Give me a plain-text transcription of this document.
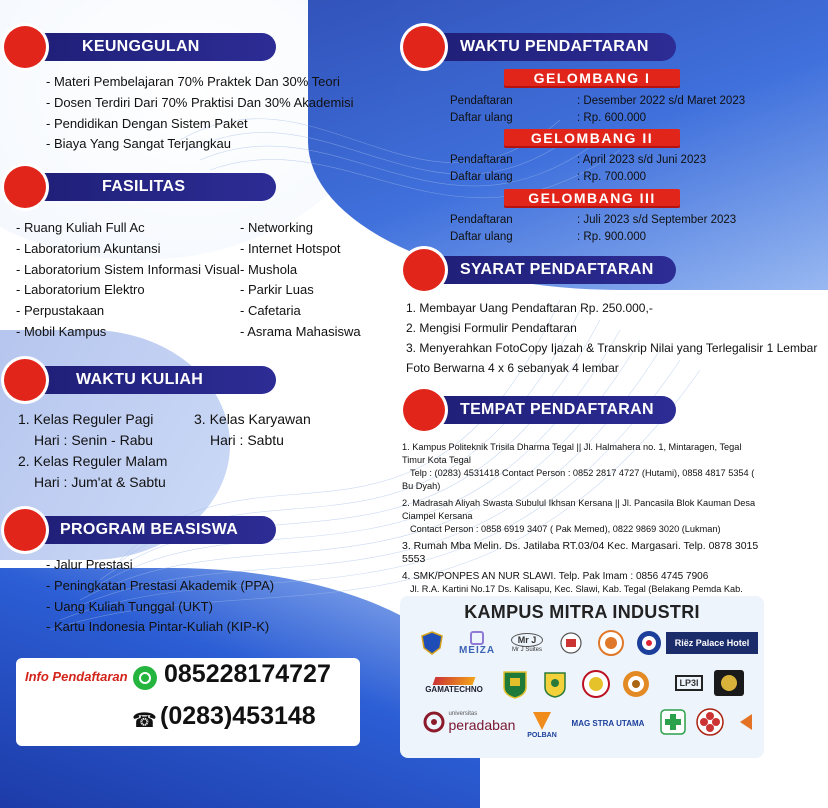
KEUNGGULAN
- Materi Pembelajaran 70% Praktek Dan 30% Teori
- Dosen Terdiri Dari 70% Praktisi Dan 30% Akademisi
- Pendidikan Dengan Sistem Paket
- Biaya Yang Sangat Terjangkau
FASILITAS
- Ruang Kuliah Full Ac
- Laboratorium Akuntansi
- Laboratorium Sistem Informasi Visual
- Laboratorium Elektro
- Perpustakaan
- Mobil Kampus
- Networking
- Internet Hotspot
- Mushola
- Parkir Luas
- Cafetaria
- Asrama Mahasiswa
WAKTU KULIAH
1. Kelas Reguler Pagi
Hari : Senin - Rabu
2. Kelas Reguler Malam
Hari : Jum'at & Sabtu
3. Kelas Karyawan
Hari : Sabtu
PROGRAM BEASISWA
- Jalur Prestasi
- Peningkatan Prestasi Akademik (PPA)
- Uang Kuliah Tunggal (UKT)
- Kartu Indonesia Pintar-Kuliah (KIP-K)
Info Pendaftaran 085228174727
☎ (0283)453148
WAKTU PENDAFTARAN
GELOMBANG I
Pendaftaran	: Desember 2022 s/d Maret 2023
Daftar ulang	: Rp. 600.000
GELOMBANG II
Pendaftaran	: April 2023 s/d Juni 2023
Daftar ulang	: Rp. 700.000
GELOMBANG III
Pendaftaran	: Juli 2023 s/d September 2023
Daftar ulang	: Rp. 900.000
SYARAT PENDAFTARAN
1. Membayar Uang Pendaftaran Rp. 250.000,-
2. Mengisi Formulir Pendaftaran
3. Menyerahkan FotoCopy Ijazah & Transkrip Nilai yang Terlegalisir 1 Lembar
Foto Berwarna 4 x 6 sebanyak 4 lembar
TEMPAT PENDAFTARAN

1. Kampus Politeknik Trisila Dharma Tegal || Jl. Halmahera no. 1, Mintaragen, Tegal Timur Kota Tegal
Telp : (0283) 4531418 Contact Person : 0852 2817 4727 (Hutami), 0858 4817 5354 ( Bu Dyah)

2. Madrasah Aliyah Swasta Subulul Ikhsan Kersana || Jl. Pancasila Blok Kauman Desa Ciampel Kersana
Contact Person : 0858 6919 3407 ( Pak Memed), 0822 9869 3020 (Lukman)

3. Rumah Mba Melin. Ds. Jatilaba RT.03/04 Kec. Margasari. Telp. 0878 3015 5553

4. SMK/PONPES AN NUR SLAWI. Telp. Pak Imam : 0856 4745 7906
Jl. R.A. Kartini No.17 Ds. Kalisapu, Kec. Slawi, Kab. Tegal (Belakang Pemda Kab.

KAMPUS MITRA INDUSTRI
MEIZA
Mr J
Mr J Suites
Riëz Palace Hotel
GAMATECHNO
LP3I
universitas
peradaban
POLBAN
MAG STRA UTAMA
